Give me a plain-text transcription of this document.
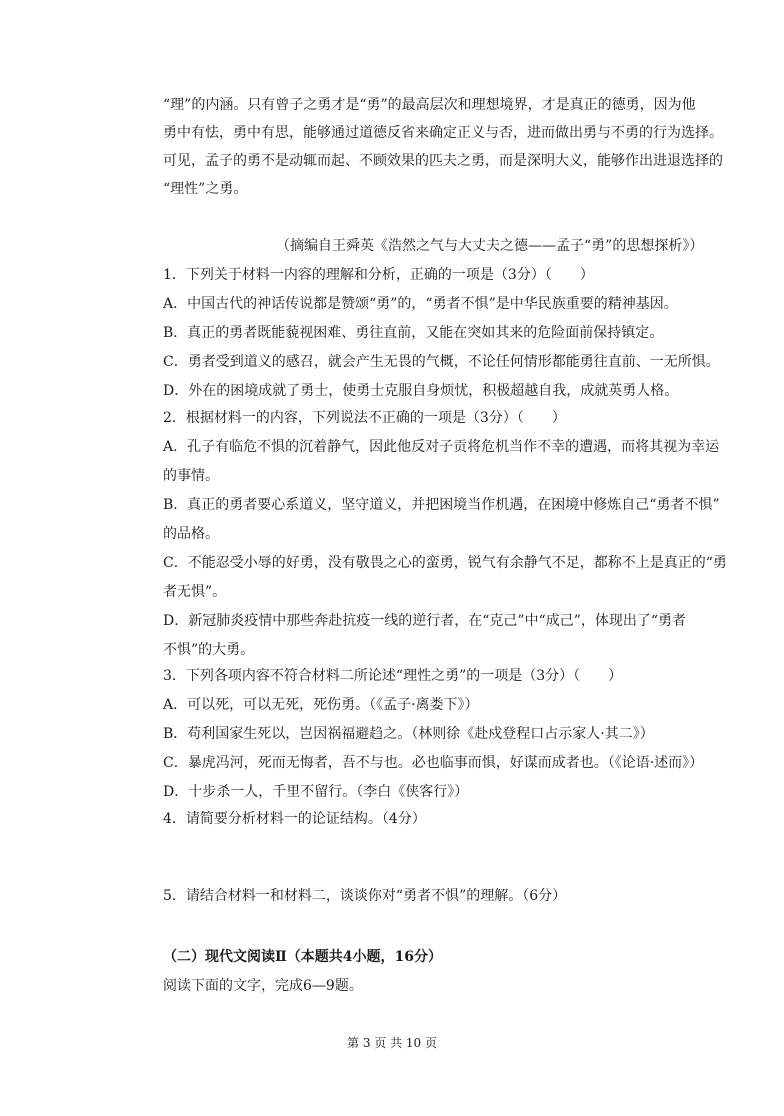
“理”的内涵。只有曾子之勇才是“勇”的最高层次和理想境界，才是真正的德勇，因为他
勇中有怯，勇中有思，能够通过道德反省来确定正义与否，进而做出勇与不勇的行为选择。
可见，孟子的勇不是动辄而起、不顾效果的匹夫之勇，而是深明大义，能够作出进退选择的
“理性”之勇。
（摘编自王舜英《浩然之气与大丈夫之德——孟子“勇”的思想探析》）
1．下列关于材料一内容的理解和分析，正确的一项是（3分）（　　）
A．中国古代的神话传说都是赞颂“勇”的，“勇者不惧”是中华民族重要的精神基因。
B．真正的勇者既能藐视困难、勇往直前，又能在突如其来的危险面前保持镇定。
C．勇者受到道义的感召，就会产生无畏的气概，不论任何情形都能勇往直前、一无所惧。
D．外在的困境成就了勇士，使勇士克服自身烦忧，积极超越自我，成就英勇人格。
2．根据材料一的内容，下列说法不正确的一项是（3分）（　　）
A．孔子有临危不惧的沉着静气，因此他反对子贡将危机当作不幸的遭遇，而将其视为幸运
的事情。
B．真正的勇者要心系道义，坚守道义，并把困境当作机遇，在困境中修炼自己“勇者不惧”
的品格。
C．不能忍受小辱的好勇，没有敬畏之心的蛮勇，锐气有余静气不足，都称不上是真正的“勇
者无惧”。
D．新冠肺炎疫情中那些奔赴抗疫一线的逆行者，在“克己”中“成己”，体现出了“勇者
不惧”的大勇。
3．下列各项内容不符合材料二所论述“理性之勇”的一项是（3分）（　　）
A．可以死，可以无死，死伤勇。（《孟子·离娄下》）
B．苟利国家生死以，岂因祸福避趋之。（林则徐《赴戍登程口占示家人·其二》）
C．暴虎冯河，死而无悔者，吾不与也。必也临事而惧，好谋而成者也。（《论语·述而》）
D．十步杀一人，千里不留行。（李白《侠客行》）
4．请简要分析材料一的论证结构。（4分）
5．请结合材料一和材料二，谈谈你对“勇者不惧”的理解。（6分）
（二）现代文阅读Ⅱ（本题共4小题，16分）
阅读下面的文字，完成6—9题。
第 3 页 共 10 页
